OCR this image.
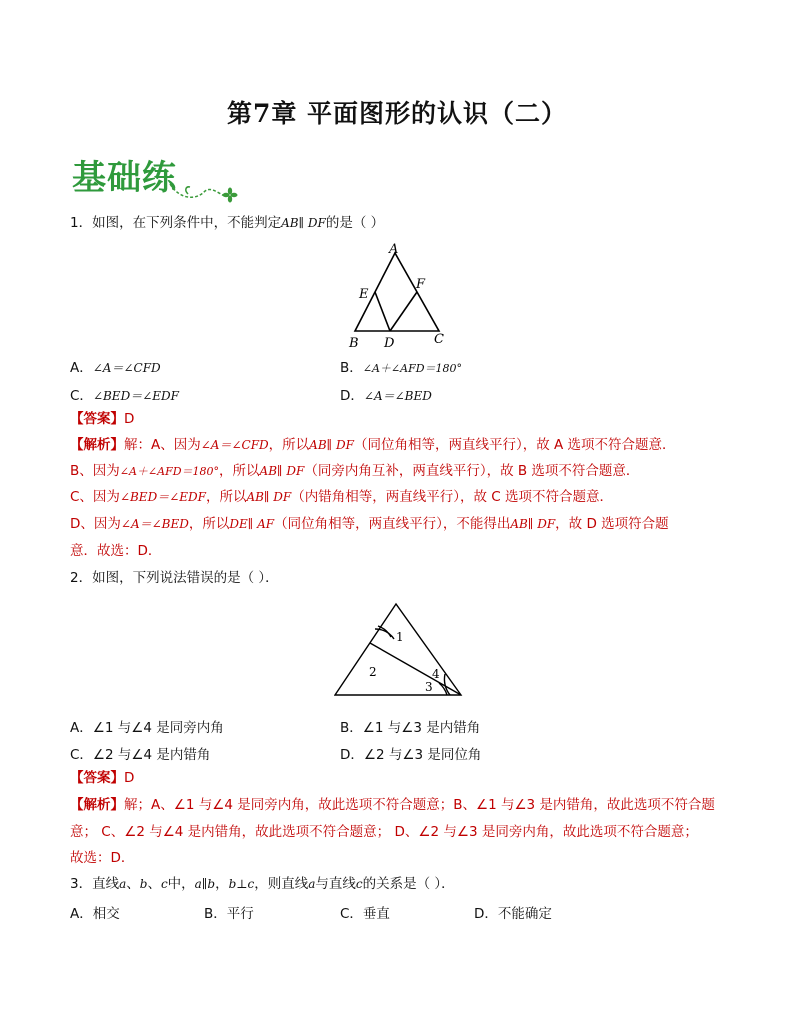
第7章 平面图形的认识（二）
基础练
1．如图，在下列条件中，不能判定AB∥ DF的是（ ）
A
E
F
B D	C
A．∠A＝∠CFD	B．∠A＋∠AFD＝180°
C．∠BED＝∠EDF	D．∠A＝∠BED
【答案】D
【解析】解：A、因为∠A＝∠CFD，所以AB∥ DF（同位角相等，两直线平行），故 A 选项不符合题意．
B、因为∠A＋∠AFD＝180°，所以AB∥ DF（同旁内角互补，两直线平行），故 B 选项不符合题意．
C、因为∠BED＝∠EDF，所以AB∥ DF（内错角相等，两直线平行），故 C 选项不符合题意．
D、因为∠A＝∠BED，所以DE∥ AF（同位角相等，两直线平行），不能得出AB∥ DF，故 D 选项符合题
意．故选：D．
2．如图，下列说法错误的是（ ）．
1
2
3
4
A．∠1 与∠4 是同旁内角	B．∠1 与∠3 是内错角
C．∠2 与∠4 是内错角	D．∠2 与∠3 是同位角
【答案】D
【解析】解；A、∠1 与∠4 是同旁内角，故此选项不符合题意；B、∠1 与∠3 是内错角，故此选项不符合题
意； C、∠2 与∠4 是内错角，故此选项不符合题意； D、∠2 与∠3 是同旁内角，故此选项不符合题意；
故选：D．
3．直线a、b、c中，a∥b，b⊥c，则直线a与直线c的关系是（ ）．
A．相交	B．平行	C．垂直	D．不能确定
